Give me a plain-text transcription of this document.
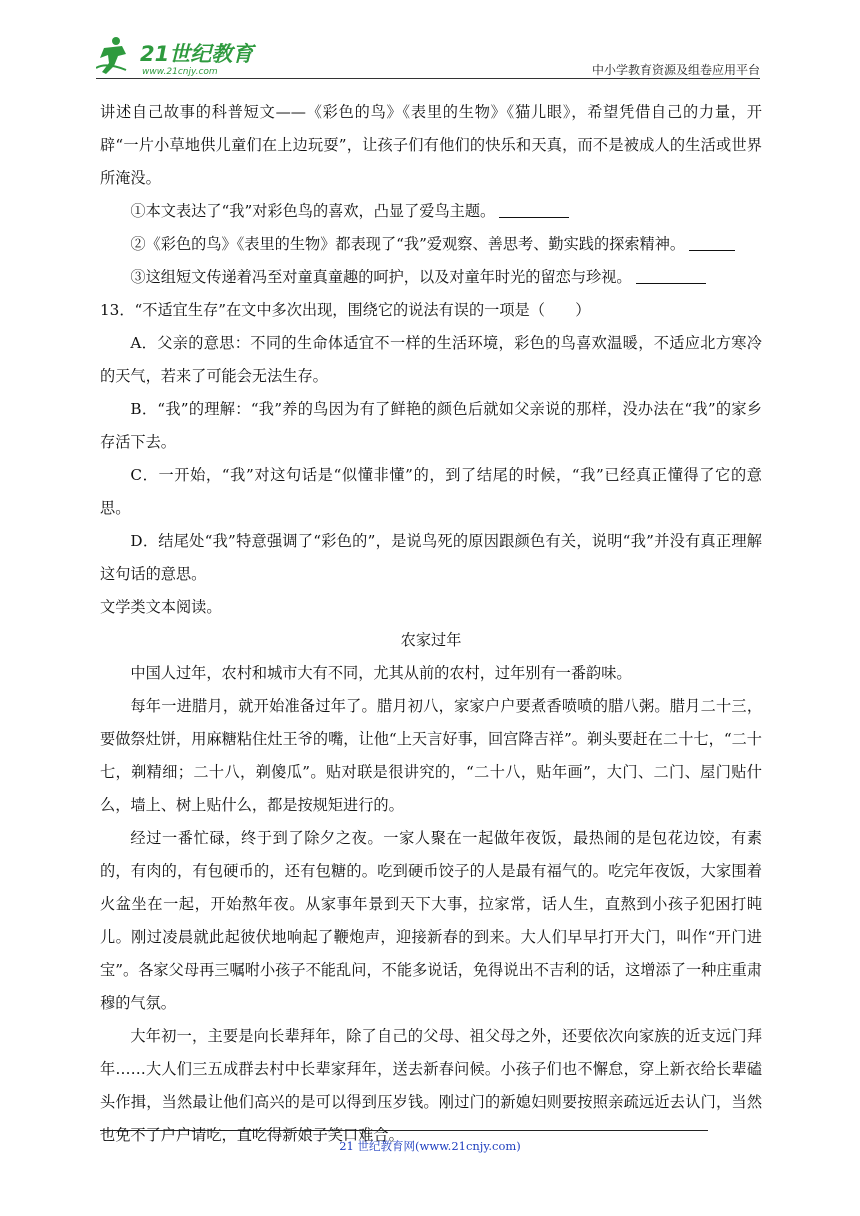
21世纪教育
www.21cnjy.com	中小学教育资源及组卷应用平台

讲述自己故事的科普短文——《彩色的鸟》《表里的生物》《猫儿眼》，希望凭借自己的力量，开辟“一片小草地供儿童们在上边玩耍”，让孩子们有他们的快乐和天真，而不是被成人的生活或世界所淹没。

①本文表达了“我”对彩色鸟的喜欢，凸显了爱鸟主题。

②《彩色的鸟》《表里的生物》都表现了“我”爱观察、善思考、勤实践的探索精神。

③这组短文传递着冯至对童真童趣的呵护，以及对童年时光的留恋与珍视。

13．“不适宜生存”在文中多次出现，围绕它的说法有误的一项是（　　）

A．父亲的意思：不同的生命体适宜不一样的生活环境，彩色的鸟喜欢温暖，不适应北方寒冷的天气，若来了可能会无法生存。

B．“我”的理解：“我”养的鸟因为有了鲜艳的颜色后就如父亲说的那样，没办法在“我”的家乡存活下去。

C．一开始，“我”对这句话是“似懂非懂”的，到了结尾的时候，“我”已经真正懂得了它的意思。

D．结尾处“我”特意强调了“彩色的”，是说鸟死的原因跟颜色有关，说明“我”并没有真正理解这句话的意思。

文学类文本阅读。

农家过年

中国人过年，农村和城市大有不同，尤其从前的农村，过年别有一番韵味。

每年一进腊月，就开始准备过年了。腊月初八，家家户户要煮香喷喷的腊八粥。腊月二十三，要做祭灶饼，用麻糖粘住灶王爷的嘴，让他“上天言好事，回宫降吉祥”。剃头要赶在二十七，“二十七，剃精细；二十八，剃傻瓜”。贴对联是很讲究的，“二十八，贴年画”，大门、二门、屋门贴什么，墙上、树上贴什么，都是按规矩进行的。

经过一番忙碌，终于到了除夕之夜。一家人聚在一起做年夜饭，最热闹的是包花边饺，有素的，有肉的，有包硬币的，还有包糖的。吃到硬币饺子的人是最有福气的。吃完年夜饭，大家围着火盆坐在一起，开始熬年夜。从家事年景到天下大事，拉家常，话人生，直熬到小孩子犯困打盹儿。刚过凌晨就此起彼伏地响起了鞭炮声，迎接新春的到来。大人们早早打开大门，叫作“开门进宝”。各家父母再三嘱咐小孩子不能乱问，不能多说话，免得说出不吉利的话，这增添了一种庄重肃穆的气氛。

大年初一，主要是向长辈拜年，除了自己的父母、祖父母之外，还要依次向家族的近支远门拜年……大人们三五成群去村中长辈家拜年，送去新春问候。小孩子们也不懈怠，穿上新衣给长辈磕头作揖，当然最让他们高兴的是可以得到压岁钱。刚过门的新媳妇则要按照亲疏远近去认门，当然也免不了户户请吃，直吃得新娘子笑口难合。

21 世纪教育网(www.21cnjy.com)
